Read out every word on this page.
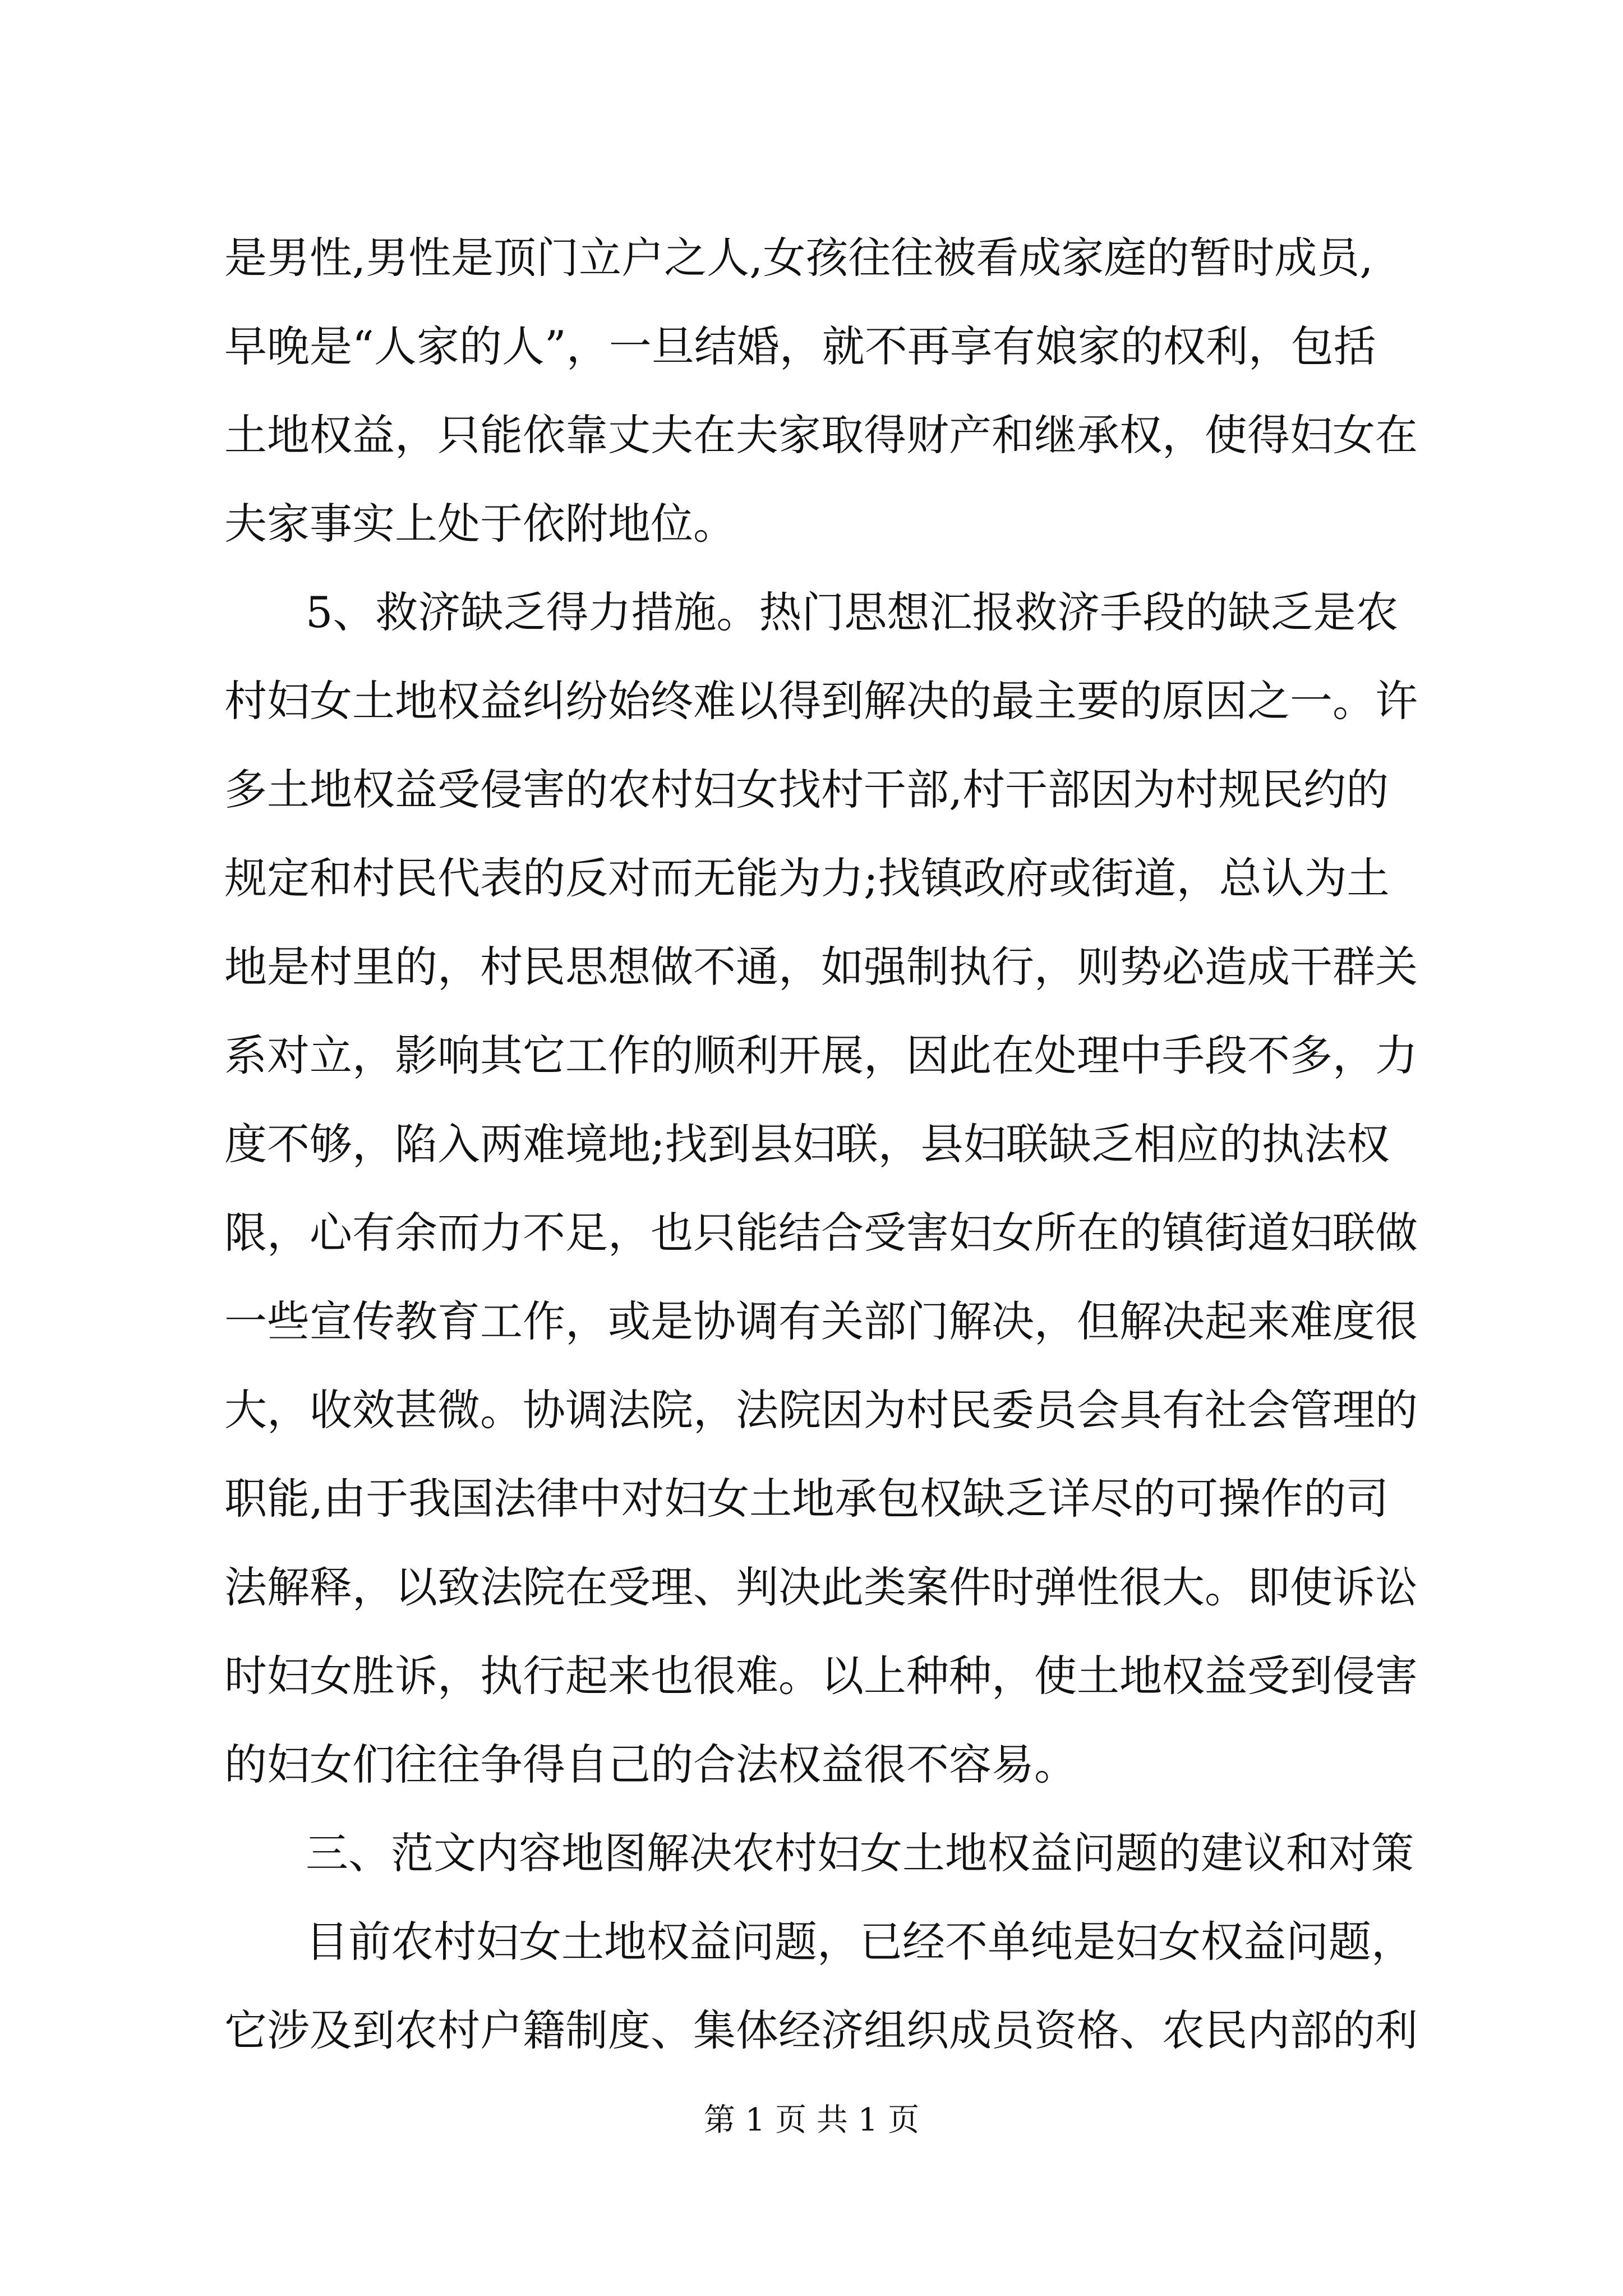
是男性,男性是顶门立户之人,女孩往往被看成家庭的暂时成员,
早晚是“人家的人”，一旦结婚，就不再享有娘家的权利，包括
土地权益，只能依靠丈夫在夫家取得财产和继承权，使得妇女在
夫家事实上处于依附地位。
5、救济缺乏得力措施。热门思想汇报救济手段的缺乏是农
村妇女土地权益纠纷始终难以得到解决的最主要的原因之一。许
多土地权益受侵害的农村妇女找村干部,村干部因为村规民约的
规定和村民代表的反对而无能为力;找镇政府或街道，总认为土
地是村里的，村民思想做不通，如强制执行，则势必造成干群关
系对立，影响其它工作的顺利开展，因此在处理中手段不多，力
度不够，陷入两难境地;找到县妇联，县妇联缺乏相应的执法权
限，心有余而力不足，也只能结合受害妇女所在的镇街道妇联做
一些宣传教育工作，或是协调有关部门解决，但解决起来难度很
大，收效甚微。协调法院，法院因为村民委员会具有社会管理的
职能,由于我国法律中对妇女土地承包权缺乏详尽的可操作的司
法解释，以致法院在受理、判决此类案件时弹性很大。即使诉讼
时妇女胜诉，执行起来也很难。以上种种，使土地权益受到侵害
的妇女们往往争得自己的合法权益很不容易。
三、范文内容地图解决农村妇女土地权益问题的建议和对策
目前农村妇女土地权益问题，已经不单纯是妇女权益问题，
它涉及到农村户籍制度、集体经济组织成员资格、农民内部的利
第 1 页 共 1 页
